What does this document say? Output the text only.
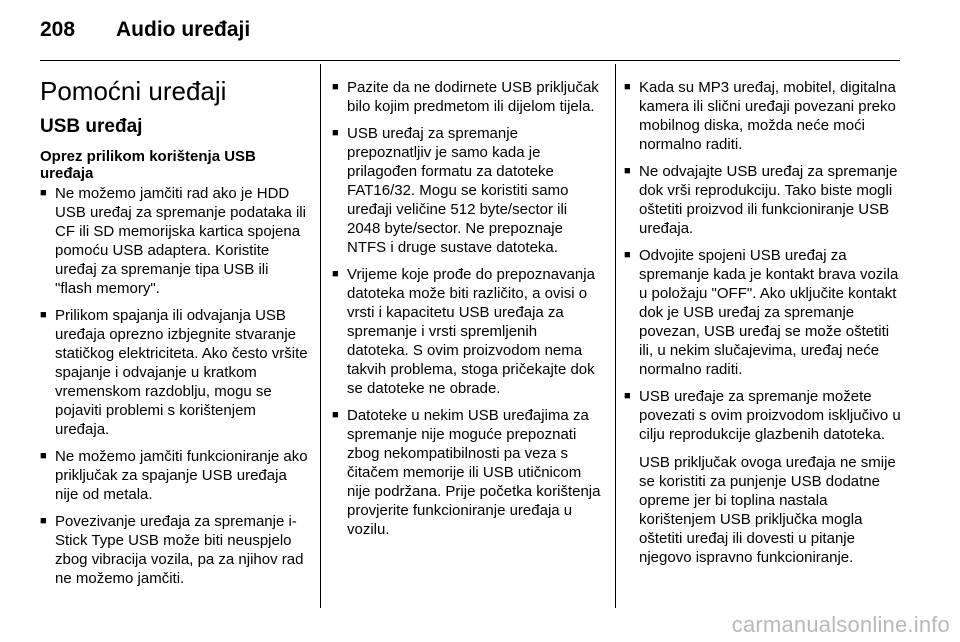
208	Audio uređaji
Pomoćni uređaji
USB uređaj
Oprez prilikom korištenja USB uređaja
■ Ne možemo jamčiti rad ako je HDD USB uređaj za spremanje podataka ili CF ili SD memorijska kartica spojena pomoću USB adaptera. Koristite uređaj za spremanje tipa USB ili "flash memory".
■ Prilikom spajanja ili odvajanja USB uređaja oprezno izbjegnite stvaranje statičkog elektriciteta. Ako često vršite spajanje i odvajanje u kratkom vremenskom razdoblju, mogu se pojaviti problemi s korištenjem uređaja.
■ Ne možemo jamčiti funkcioniranje ako priključak za spajanje USB uređaja nije od metala.
■ Povezivanje uređaja za spremanje i-Stick Type USB može biti neuspjelo zbog vibracija vozila, pa za njihov rad ne možemo jamčiti.
■ Pazite da ne dodirnete USB priključak bilo kojim predmetom ili dijelom tijela.
■ USB uređaj za spremanje prepoznatljiv je samo kada je prilagođen formatu za datoteke FAT16/32. Mogu se koristiti samo uređaji veličine 512 byte/sector ili 2048 byte/sector. Ne prepoznaje NTFS i druge sustave datoteka.
■ Vrijeme koje prođe do prepoznavanja datoteka može biti različito, a ovisi o vrsti i kapacitetu USB uređaja za spremanje i vrsti spremljenih datoteka. S ovim proizvodom nema takvih problema, stoga pričekajte dok se datoteke ne obrade.
■ Datoteke u nekim USB uređajima za spremanje nije moguće prepoznati zbog nekompatibilnosti pa veza s čitačem memorije ili USB utičnicom nije podržana. Prije početka korištenja provjerite funkcioniranje uređaja u vozilu.
■ Kada su MP3 uređaj, mobitel, digitalna kamera ili slični uređaji povezani preko mobilnog diska, možda neće moći normalno raditi.
■ Ne odvajajte USB uređaj za spremanje dok vrši reprodukciju. Tako biste mogli oštetiti proizvod ili funkcioniranje USB uređaja.
■ Odvojite spojeni USB uređaj za spremanje kada je kontakt brava vozila u položaju "OFF". Ako uključite kontakt dok je USB uređaj za spremanje povezan, USB uređaj se može oštetiti ili, u nekim slučajevima, uređaj neće normalno raditi.
■ USB uređaje za spremanje možete povezati s ovim proizvodom isključivo u cilju reprodukcije glazbenih datoteka.
USB priključak ovoga uređaja ne smije se koristiti za punjenje USB dodatne opreme jer bi toplina nastala korištenjem USB priključka mogla oštetiti uređaj ili dovesti u pitanje njegovo ispravno funkcioniranje.
carmanualsonline.info
